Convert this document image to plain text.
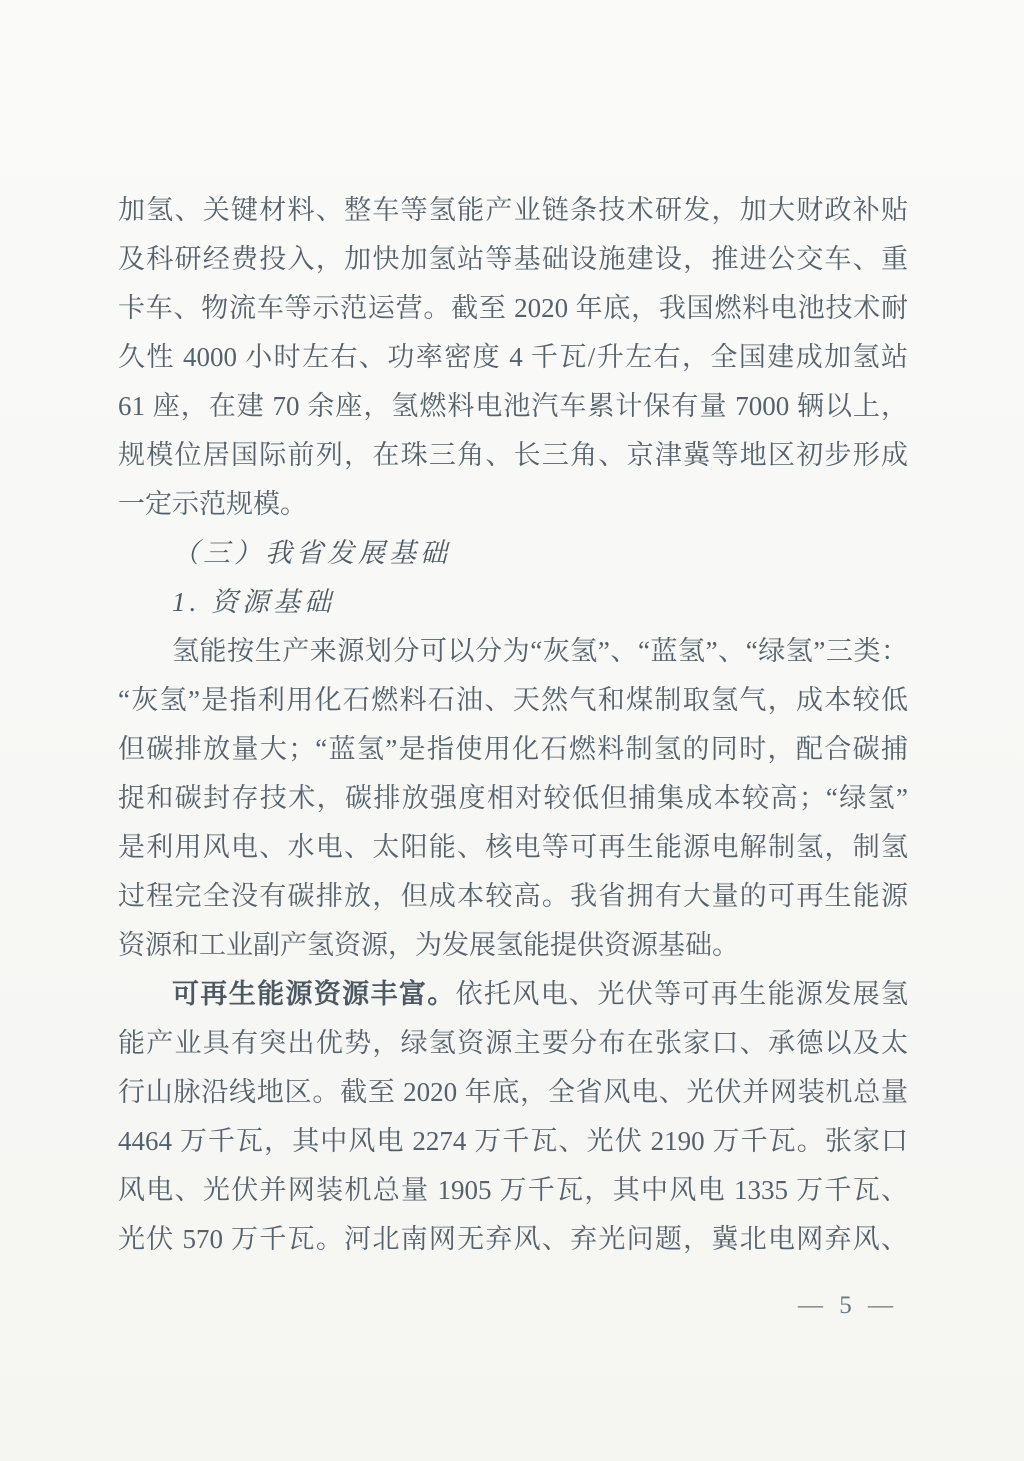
加氢、关键材料、整车等氢能产业链条技术研发，加大财政补贴
及科研经费投入，加快加氢站等基础设施建设，推进公交车、重
卡车、物流车等示范运营。截至 2020 年底，我国燃料电池技术耐
久性 4000 小时左右、功率密度 4 千瓦/升左右，全国建成加氢站
61 座，在建 70 余座，氢燃料电池汽车累计保有量 7000 辆以上，
规模位居国际前列，在珠三角、长三角、京津冀等地区初步形成
一定示范规模。
（三）我省发展基础
1. 资源基础
氢能按生产来源划分可以分为“灰氢”、“蓝氢”、“绿氢”三类：
“灰氢”是指利用化石燃料石油、天然气和煤制取氢气，成本较低
但碳排放量大；“蓝氢”是指使用化石燃料制氢的同时，配合碳捕
捉和碳封存技术，碳排放强度相对较低但捕集成本较高；“绿氢”
是利用风电、水电、太阳能、核电等可再生能源电解制氢，制氢
过程完全没有碳排放，但成本较高。我省拥有大量的可再生能源
资源和工业副产氢资源，为发展氢能提供资源基础。
可再生能源资源丰富。依托风电、光伏等可再生能源发展氢
能产业具有突出优势，绿氢资源主要分布在张家口、承德以及太
行山脉沿线地区。截至 2020 年底，全省风电、光伏并网装机总量
4464 万千瓦，其中风电 2274 万千瓦、光伏 2190 万千瓦。张家口
风电、光伏并网装机总量 1905 万千瓦，其中风电 1335 万千瓦、
光伏 570 万千瓦。河北南网无弃风、弃光问题，冀北电网弃风、
— 5 —
